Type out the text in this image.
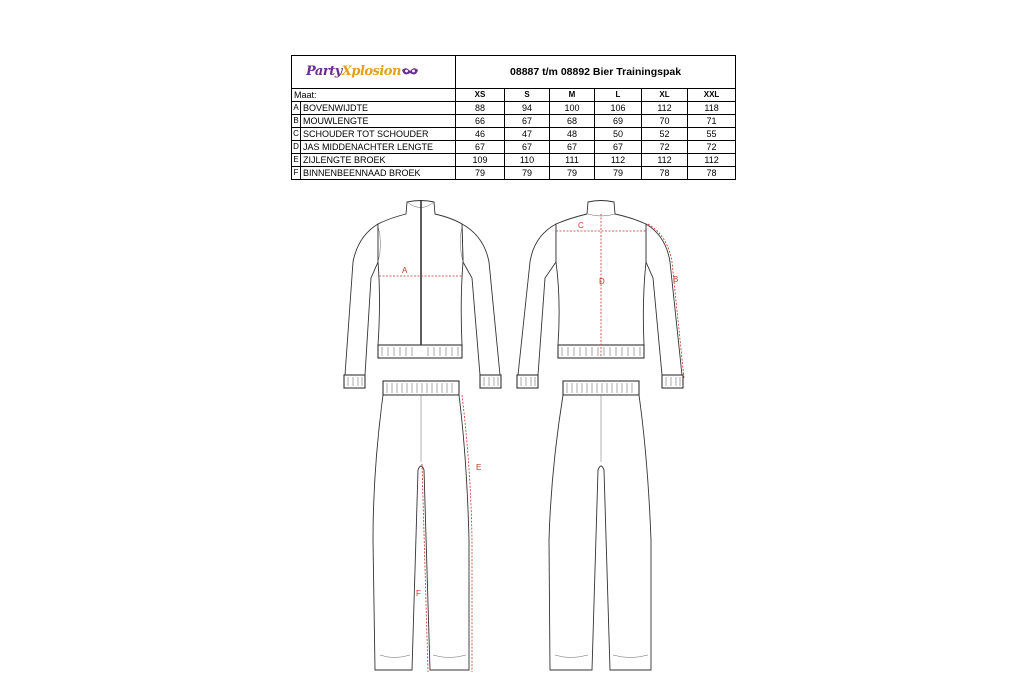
PartyXplosion		08887 t/m 08892 Bier Trainingspak					
Maat:		XS	S	M	L	XL	XXL
A	BOVENWIJDTE	88	94	100	106	112	118
B	MOUWLENGTE	66	67	68	69	70	71
C	SCHOUDER TOT SCHOUDER	46	47	48	50	52	55
D	JAS MIDDENACHTER LENGTE	67	67	67	67	72	72
E	ZIJLENGTE BROEK	109	110	111	112	112	112
F	BINNENBEENNAAD BROEK	79	79	79	79	78	78
A
C
D	B
E
F
